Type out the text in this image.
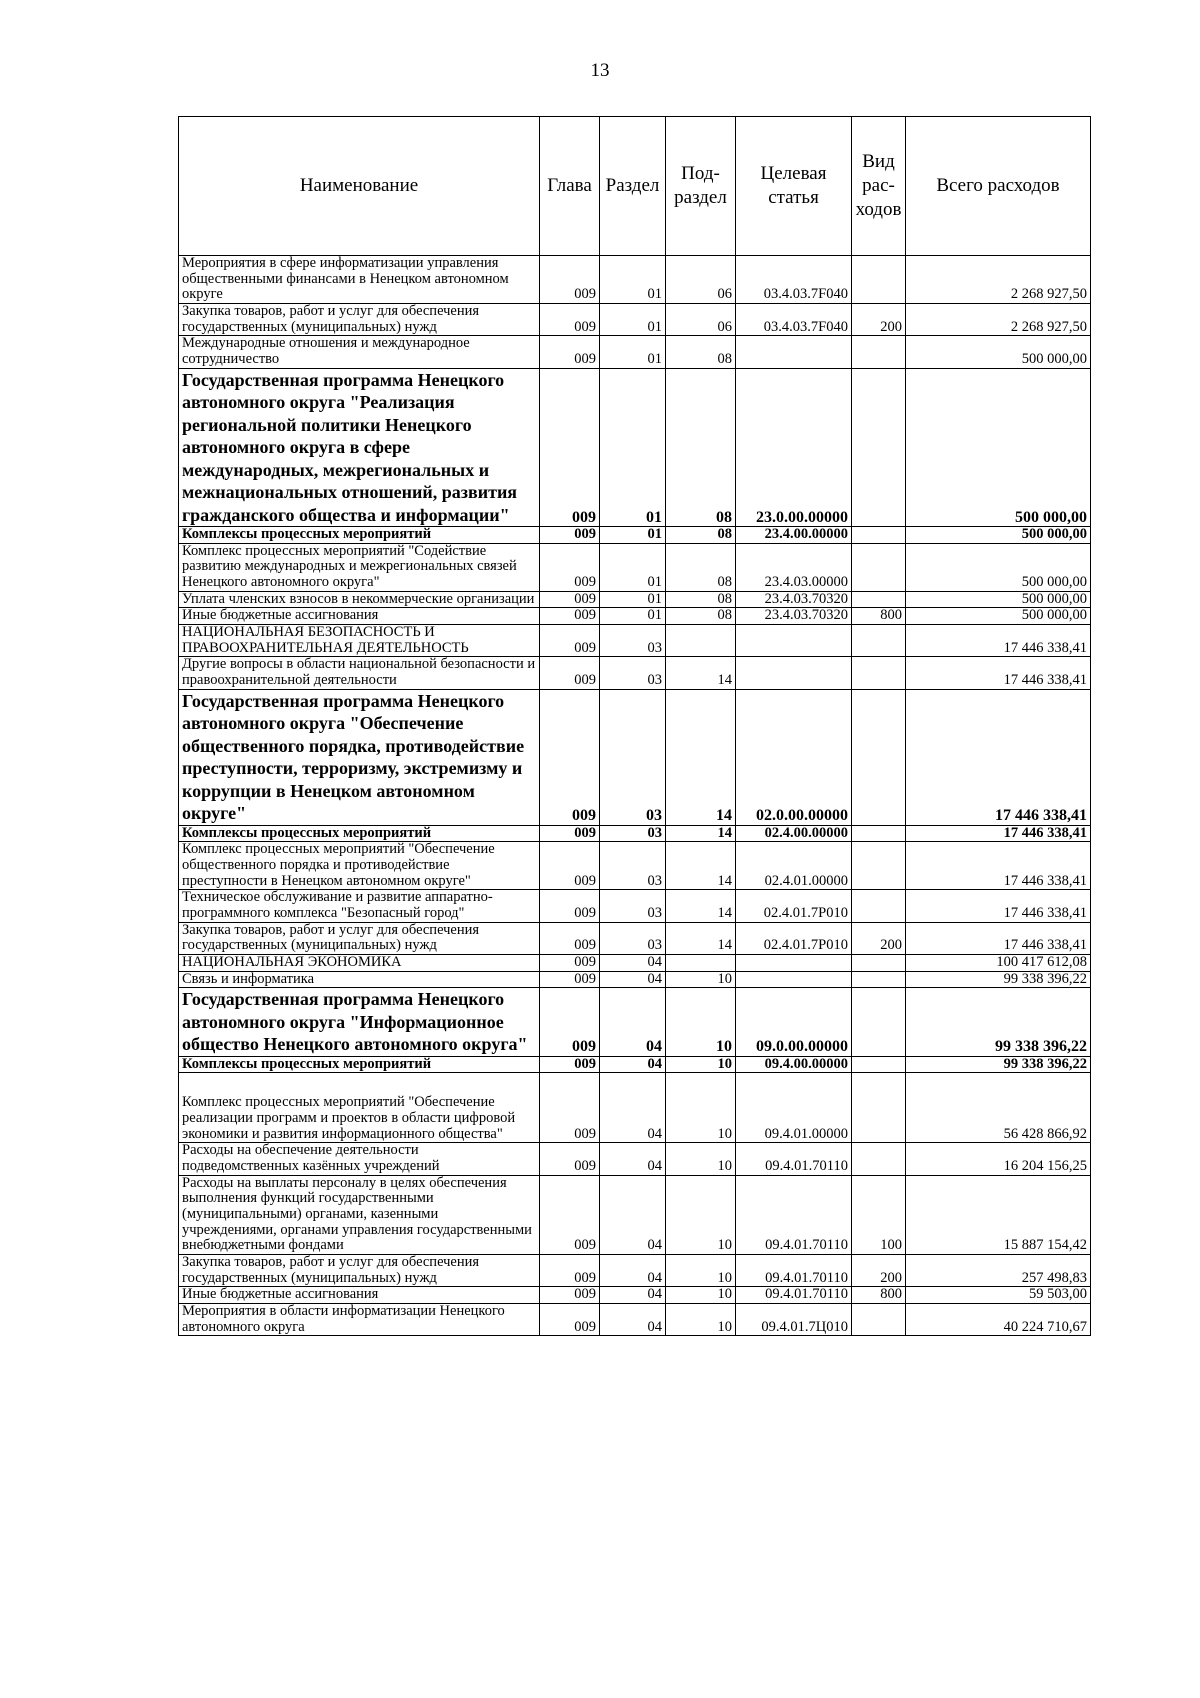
13
Наименование	Глава	Раздел	Под-раздел	Целевая статья	Вид рас-ходов	Всего расходов
Мероприятия в сфере информатизации управления общественными финансами в Ненецком автономном округе	009	01	06	03.4.03.7F040		2 268 927,50
Закупка товаров, работ и услуг для обеспечения государственных (муниципальных) нужд	009	01	06	03.4.03.7F040	200	2 268 927,50
Международные отношения и международное сотрудничество	009	01	08			500 000,00
Государственная программа Ненецкого автономного округа "Реализация региональной политики Ненецкого автономного округа в сфере международных, межрегиональных и межнациональных отношений, развития гражданского общества и информации"	009	01	08	23.0.00.00000		500 000,00
Комплексы процессных мероприятий	009	01	08	23.4.00.00000		500 000,00
Комплекс процессных мероприятий "Содействие развитию международных и межрегиональных связей Ненецкого автономного округа"	009	01	08	23.4.03.00000		500 000,00
Уплата членских взносов в некоммерческие организации	009	01	08	23.4.03.70320		500 000,00
Иные бюджетные ассигнования	009	01	08	23.4.03.70320	800	500 000,00
НАЦИОНАЛЬНАЯ БЕЗОПАСНОСТЬ И ПРАВООХРАНИТЕЛЬНАЯ ДЕЯТЕЛЬНОСТЬ	009	03				17 446 338,41
Другие вопросы в области национальной безопасности и правоохранительной деятельности	009	03	14			17 446 338,41
Государственная программа Ненецкого автономного округа "Обеспечение общественного порядка, противодействие преступности, терроризму, экстремизму и коррупции в Ненецком автономном округе"	009	03	14	02.0.00.00000		17 446 338,41
Комплексы процессных мероприятий	009	03	14	02.4.00.00000		17 446 338,41
Комплекс процессных мероприятий "Обеспечение общественного порядка и противодействие преступности в Ненецком автономном округе"	009	03	14	02.4.01.00000		17 446 338,41
Техническое обслуживание и развитие аппаратно-программного комплекса "Безопасный город"	009	03	14	02.4.01.7P010		17 446 338,41
Закупка товаров, работ и услуг для обеспечения государственных (муниципальных) нужд	009	03	14	02.4.01.7P010	200	17 446 338,41
НАЦИОНАЛЬНАЯ ЭКОНОМИКА	009	04				100 417 612,08
Связь и информатика	009	04	10			99 338 396,22
Государственная программа Ненецкого автономного округа "Информационное общество Ненецкого автономного округа"	009	04	10	09.0.00.00000		99 338 396,22
Комплексы процессных мероприятий	009	04	10	09.4.00.00000		99 338 396,22
Комплекс процессных мероприятий "Обеспечение реализации программ и проектов в области цифровой экономики и развития информационного общества"	009	04	10	09.4.01.00000		56 428 866,92
Расходы на обеспечение деятельности подведомственных казённых учреждений	009	04	10	09.4.01.70110		16 204 156,25
Расходы на выплаты персоналу в целях обеспечения выполнения функций государственными (муниципальными) органами, казенными учреждениями, органами управления государственными внебюджетными фондами	009	04	10	09.4.01.70110	100	15 887 154,42
Закупка товаров, работ и услуг для обеспечения государственных (муниципальных) нужд	009	04	10	09.4.01.70110	200	257 498,83
Иные бюджетные ассигнования	009	04	10	09.4.01.70110	800	59 503,00
Мероприятия в области информатизации Ненецкого автономного округа	009	04	10	09.4.01.7Ц010		40 224 710,67
